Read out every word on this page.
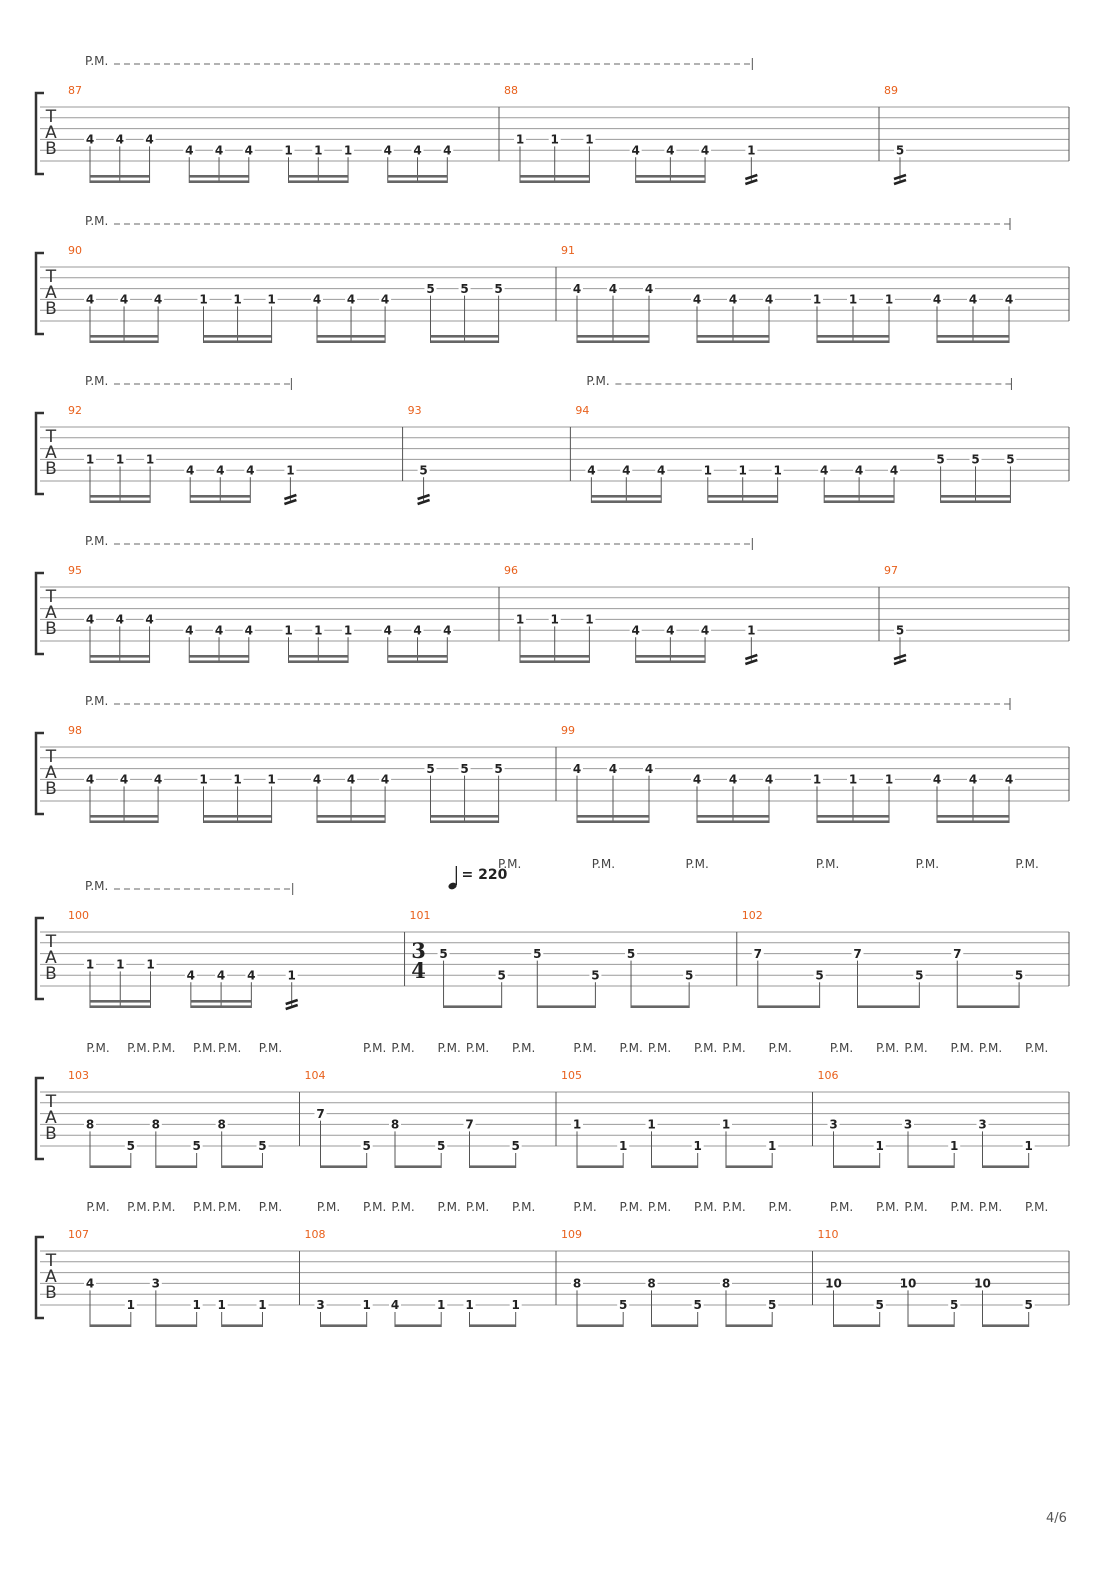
T
A
B
87
4 4 4
4 4 4	1 1 1	4 4 4
88
1 1 1
4 4 4	1
89
5
P.M.
T
A
B
90
4 4 4	1 1 1	4 4 4
5 5 5
91
4 4 4
4 4 4	1 1 1	4 4 4
P.M.
T
A
B
92
1 1 1
4 4 4	1
93
5
94
4 4 4	1 1 1	4 4 4
5 5 5
P.M.	P.M.
T
A
B
95
4 4 4
4 4 4	1 1 1	4 4 4
96
1 1 1
4 4 4	1
97
5
P.M.
T
A
B
98
4 4 4	1 1 1	4 4 4
5 5 5
99
4 4 4
4 4 4	1 1 1	4 4 4
P.M.
T
A
B
100
1 1 1
4 4 4	1
101
3
4
= 220
5
5
5
5
5
5
102
7
5
7
5
7
5
P.M.
P.M.	P.M.	P.M.	P.M.	P.M.	P.M.
T
A
B
103
8
5
8
5
8
5
104
7
5
8
5
7
5
105
1
1
1
1
1
1
106
3
1
3
1
3
1
P.M. P.M. P.M. P.M. P.M. P.M.	P.M. P.M. P.M. P.M. P.M.	P.M. P.M. P.M. P.M. P.M. P.M.	P.M. P.M. P.M. P.M. P.M. P.M.
T
A
B
107
4
1
3
1 1	1
108
3	1 4	1 1	1
109
8
5
8
5
8
5
110
10
5
10
5
10
5
P.M. P.M. P.M. P.M. P.M. P.M.	P.M. P.M. P.M. P.M. P.M. P.M.	P.M. P.M. P.M. P.M. P.M. P.M.	P.M. P.M. P.M. P.M. P.M. P.M.
4/6
